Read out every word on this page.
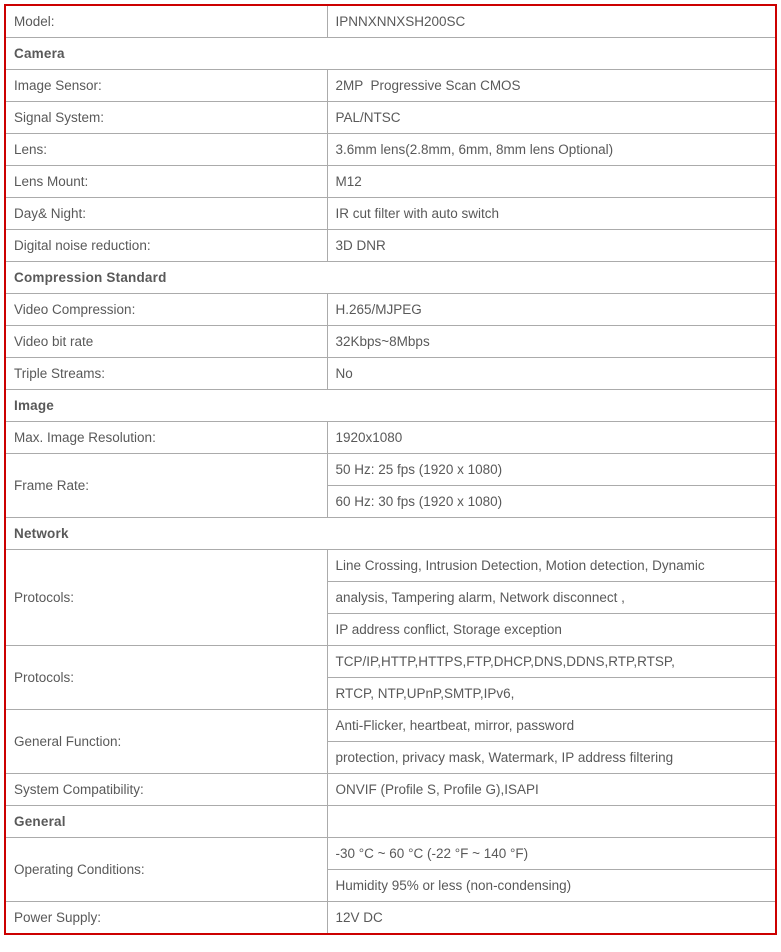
Model:	IPNNXNNXSH200SC
Camera	
Image Sensor:	2MP  Progressive Scan CMOS
Signal System:	PAL/NTSC
Lens:	3.6mm lens(2.8mm, 6mm, 8mm lens Optional)
Lens Mount:	M12
Day& Night:	IR cut filter with auto switch
Digital noise reduction:	3D DNR
Compression Standard	
Video Compression:	H.265/MJPEG
Video bit rate	32Kbps~8Mbps
Triple Streams:	No
Image	
Max. Image Resolution:	1920x1080
Frame Rate:	50 Hz: 25 fps (1920 x 1080)
	60 Hz: 30 fps (1920 x 1080)
Network	
Protocols:	Line Crossing, Intrusion Detection, Motion detection, Dynamic
	analysis, Tampering alarm, Network disconnect ,
	IP address conflict, Storage exception
Protocols:	TCP/IP,HTTP,HTTPS,FTP,DHCP,DNS,DDNS,RTP,RTSP,
	RTCP, NTP,UPnP,SMTP,IPv6,
General Function:	Anti-Flicker, heartbeat, mirror, password
	protection, privacy mask, Watermark, IP address filtering
System Compatibility:	ONVIF (Profile S, Profile G),ISAPI
General	
Operating Conditions:	-30 °C ~ 60 °C (-22 °F ~ 140 °F)
	Humidity 95% or less (non-condensing)
Power Supply:	12V DC
